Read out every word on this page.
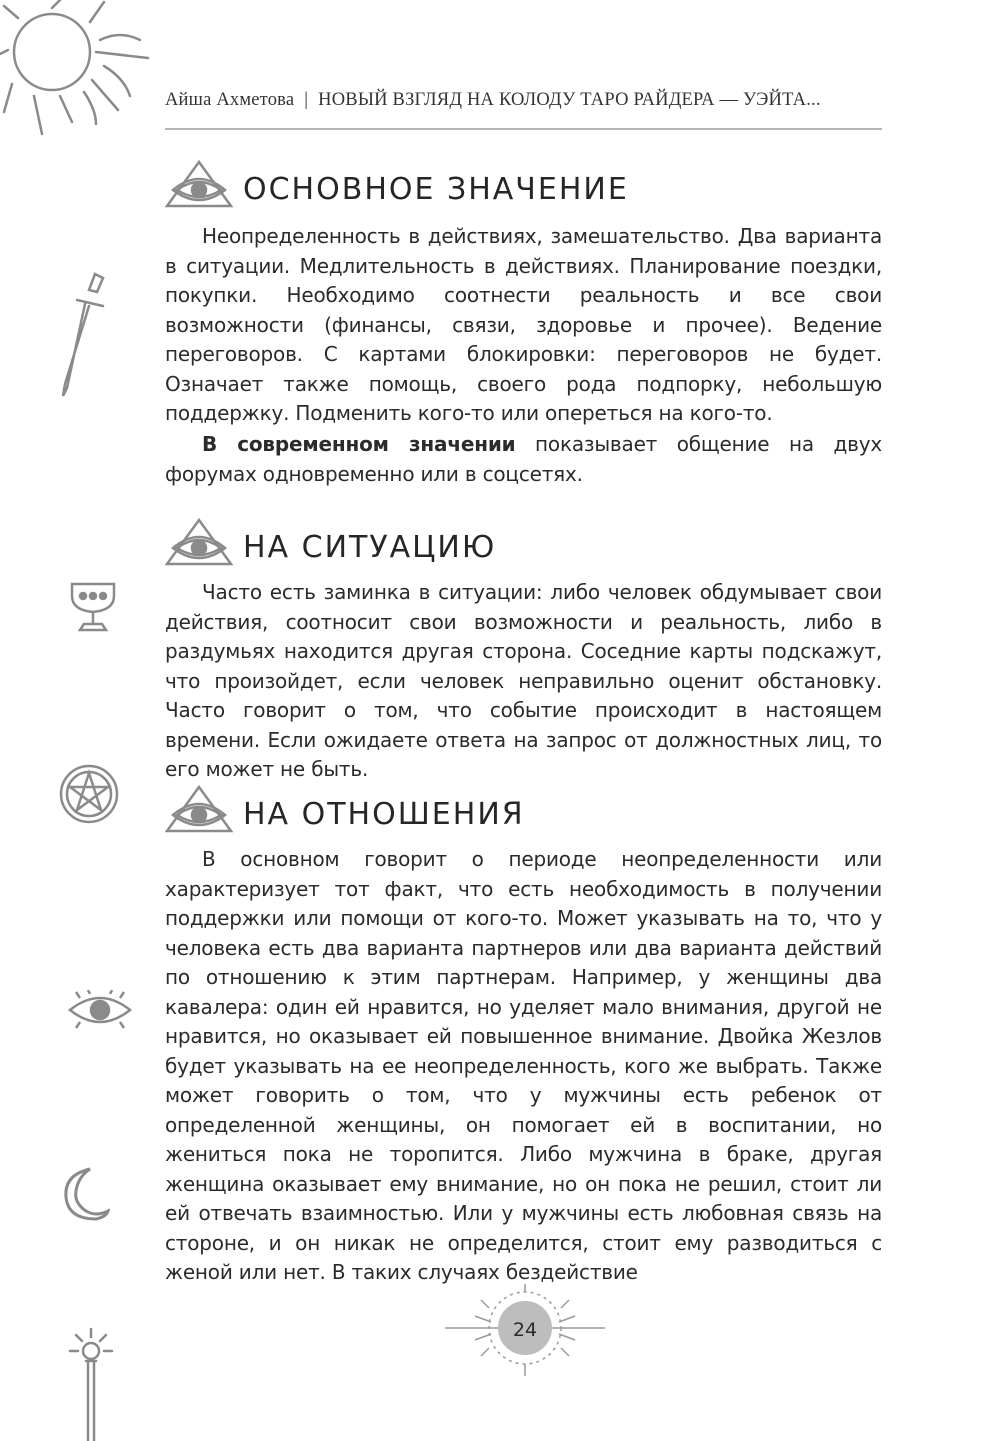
Айша Ахметова | НОВЫЙ ВЗГЛЯД НА КОЛОДУ ТАРО РАЙДЕРА — УЭЙТА...
ОСНОВНОЕ ЗНАЧЕНИЕ

Неопределенность в действиях, замешательство. Два варианта в ситуации. Медлительность в действиях. Планирование поездки, покупки. Необходимо соотнести реальность и все свои возможности (финансы, связи, здоровье и прочее). Ведение переговоров. С картами блокировки: переговоров не будет. Означает также помощь, своего рода подпорку, небольшую поддержку. Подменить кого-то или опереться на кого-то.

В современном значении показывает общение на двух форумах одновременно или в соцсетях.

НА СИТУАЦИЮ

Часто есть заминка в ситуации: либо человек обдумывает свои действия, соотносит свои возможности и реальность, либо в раздумьях находится другая сторона. Соседние карты подскажут, что произойдет, если человек неправильно оценит обстановку. Часто говорит о том, что событие происходит в настоящем времени. Если ожидаете ответа на запрос от должностных лиц, то его может не быть.

НА ОТНОШЕНИЯ

В основном говорит о периоде неопределенности или характеризует тот факт, что есть необходимость в получении поддержки или помощи от кого-то. Может указывать на то, что у человека есть два варианта партнеров или два варианта действий по отношению к этим партнерам. Например, у женщины два кавалера: один ей нравится, но уделяет мало внимания, другой не нравится, но оказывает ей повышенное внимание. Двойка Жезлов будет указывать на ее неопределенность, кого же выбрать. Также может говорить о том, что у мужчины есть ребенок от определенной женщины, он помогает ей в воспитании, но жениться пока не торопится. Либо мужчина в браке, другая женщина оказывает ему внимание, но он пока не решил, стоит ли ей отвечать взаимностью. Или у мужчины есть любовная связь на стороне, и он никак не определится, стоит ему разводиться с женой или нет. В таких случаях бездействие

24
